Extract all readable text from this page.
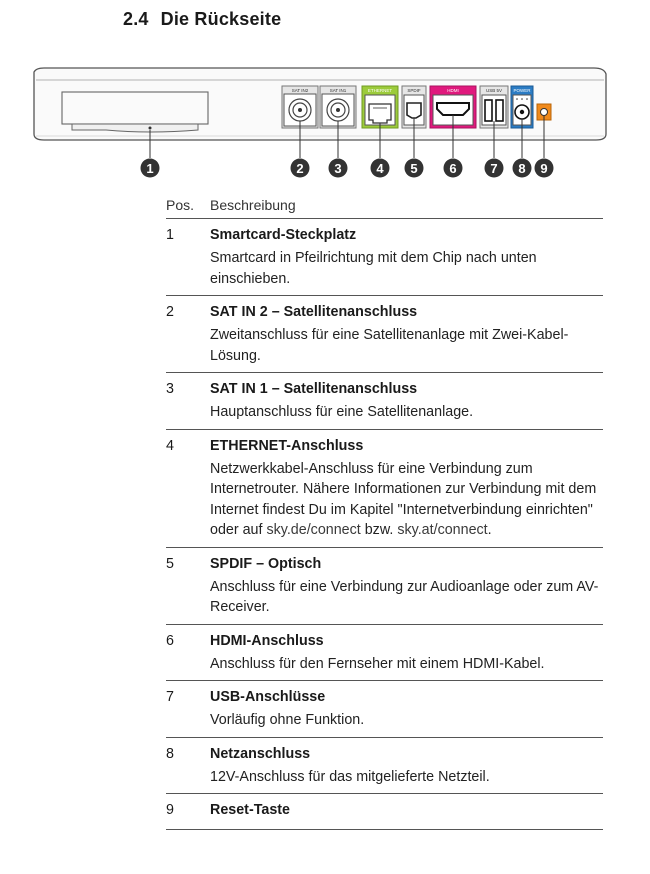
2.4 Die Rückseite
SAT IN2	SAT IN1	ETHERNET	SPDIF	HDMI	USB 5V	POWER
1	2 3	4 5 6	7 8 9
Pos.	Beschreibung
1	Smartcard-Steckplatz
Smartcard in Pfeilrichtung mit dem Chip nach unten einschieben.
2	SAT IN 2 – Satellitenanschluss
Zweitanschluss für eine Satellitenanlage mit Zwei-Kabel-Lösung.
3	SAT IN 1 – Satellitenanschluss
Hauptanschluss für eine Satellitenanlage.
4	ETHERNET-Anschluss
Netzwerkkabel-Anschluss für eine Verbindung zum Internetrouter. Nähere Informationen zur Verbindung mit dem Internet findest Du im Kapitel "Internetverbindung einrichten" oder auf sky.de/connect bzw. sky.at/connect.
5	SPDIF – Optisch
Anschluss für eine Verbindung zur Audioanlage oder zum AV-Receiver.
6	HDMI-Anschluss
Anschluss für den Fernseher mit einem HDMI-Kabel.
7	USB-Anschlüsse
Vorläufig ohne Funktion.
8	Netzanschluss
12V-Anschluss für das mitgelieferte Netzteil.
9	Reset-Taste
